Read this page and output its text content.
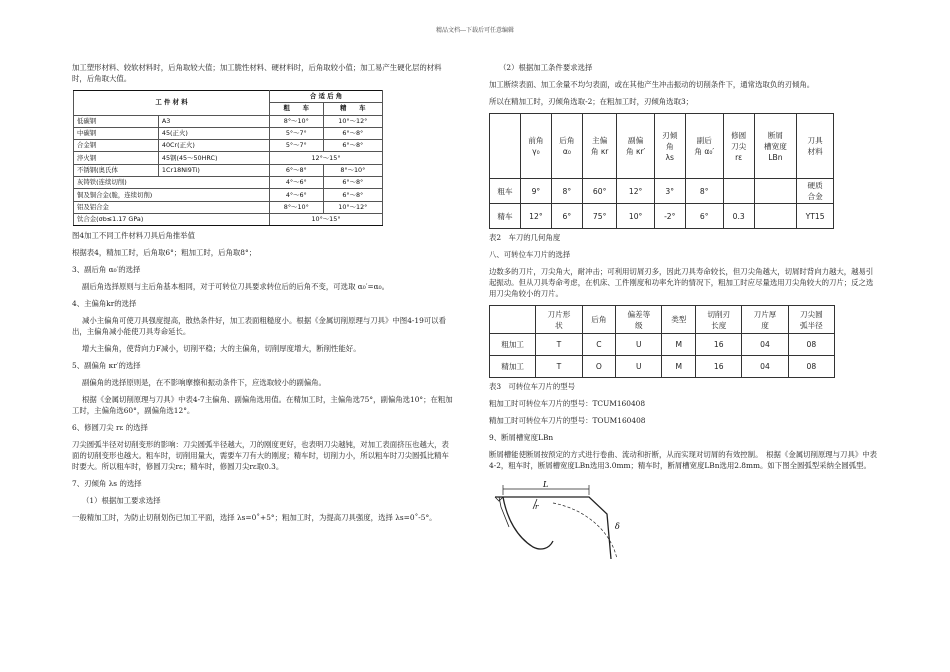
精品文档---下载后可任意编辑

加工塑形材料、较软材料时，后角取较大值；加工脆性材料、硬材料时，后角取较小值；加工易产生硬化层的材料时，后角取大值。

工 件 材 料		合 适 后 角	
		粗　　车	精　　车
低碳钢	A3	8°～10°	10°～12°
中碳钢	45(正火)	5°～7°	6°～8°
合金钢	40Cr(正火)	5°～7°	6°～8°
淬火钢	45钢(45～50HRC)	12°～15°	
不锈钢(奥氏体	1Cr18Ni9Ti)	6°～8°	8°～10°
灰铸铁(连续切削)		4°～6°	6°～8°
铜及铜合金(脆，连续切削)		4°～6°	6°～8°
铝及铝合金		8°～10°	10°～12°
钛合金(σb≤1.17 GPa)		10°～15°	

图4加工不同工件材料刀具后角推举值

根据表4，精加工时，后角取6°；粗加工时，后角取8°；

3、副后角 α₀′的选择

副后角选择原则与主后角基本相同，对于可转位刀具要求转位后的后角不变，可选取 α₀′=α₀。

4、主偏角kr的选择

减小主偏角可使刀具强度提高，散热条件好，加工表面粗糙度小。根据《金属切削原理与刀具》中图4-19可以看出，主偏角减小能使刀具寿命延长。

增大主偏角，使背向力F减小，切削平稳；大的主偏角，切削厚度增大，断削性能好。

5、副偏角 κr′的选择

副偏角的选择原则是，在不影响摩擦和振动条件下，应选取较小的副偏角。

根据《金属切削原理与刀具》中表4-7主偏角、副偏角选用值。在精加工时，主偏角选75°，副偏角选10°；在粗加工时，主偏角选60°，副偏角选12°。

6、修圆刀尖 rε 的选择

刀尖圆弧半径对切削变形的影响：刀尖圆弧半径越大，刀的刚度更好，也表明刀尖越钝，对加工表面挤压也越大，表面的切削变形也越大。粗车时，切削用量大，需要车刀有大的刚度；精车时，切削力小，所以粗车时刀尖圆弧比精车时要大。所以粗车时，修圆刀尖rε；精车时，修圆刀尖rε取0.3。

7、刃倾角 λs 的选择

（1）根据加工要求选择

一般精加工时，为防止切削划伤已加工平面，选择 λs=0˚+5°；粗加工时，为提高刀具强度，选择 λs=0˚-5°。

（2）根据加工条件要求选择

加工断续表面、加工余量不均匀表面，或在其他产生冲击振动的切削条件下，通常选取负的刃倾角。

所以在精加工时，刃倾角选取-2；在粗加工时，刃倾角选取3；

	前角
γ₀	后角
α₀	主偏
角 κr	副偏
角 κr′	刃倾
角
λs	副后
角 α₀′	修圆
刀尖
rε	断屑
槽宽度
LBn	刀具
材料
粗车	9°	8°	60°	12°	3°	8°			硬质
合金
精车	12°	6°	75°	10°	-2°	6°	0.3		YT15

表2　车刀的几何角度

八、可转位车刀片的选择

边数多的刀片，刀尖角大，耐冲击；可利用切屑刃多，因此刀具寿命较长，但刀尖角越大，切屑时背向力越大，越易引起振动。但从刀具寿命考虑，在机床、工件刚度和功率允许的情况下，粗加工时应尽量选用刀尖角较大的刀片；反之选用刀尖角较小的刀片。

	刀片形
状	后角	偏差等
级	类型	切削刃
长度	刀片厚
度	刀尖圆
弧半径
粗加工	T	C	U	M	16	04	08
精加工	T	O	U	M	16	04	08

表3　可转位车刀片的型号

粗加工时可转位车刀片的型号：TCUM160408

精加工时可转位车刀片的型号：TOUM160408

9、断屑槽宽度LBn

断屑槽能使断屑按预定的方式进行卷曲、流动和折断，从而实现对切屑的有效控制。　根据《金属切削原理与刀具》中表4-2，粗车时，断屑槽宽度LBn选用3.0mm；精车时，断屑槽宽度LBn选用2.8mm。如下图全圆弧型采纳全圆弧型。

L
r
δ
